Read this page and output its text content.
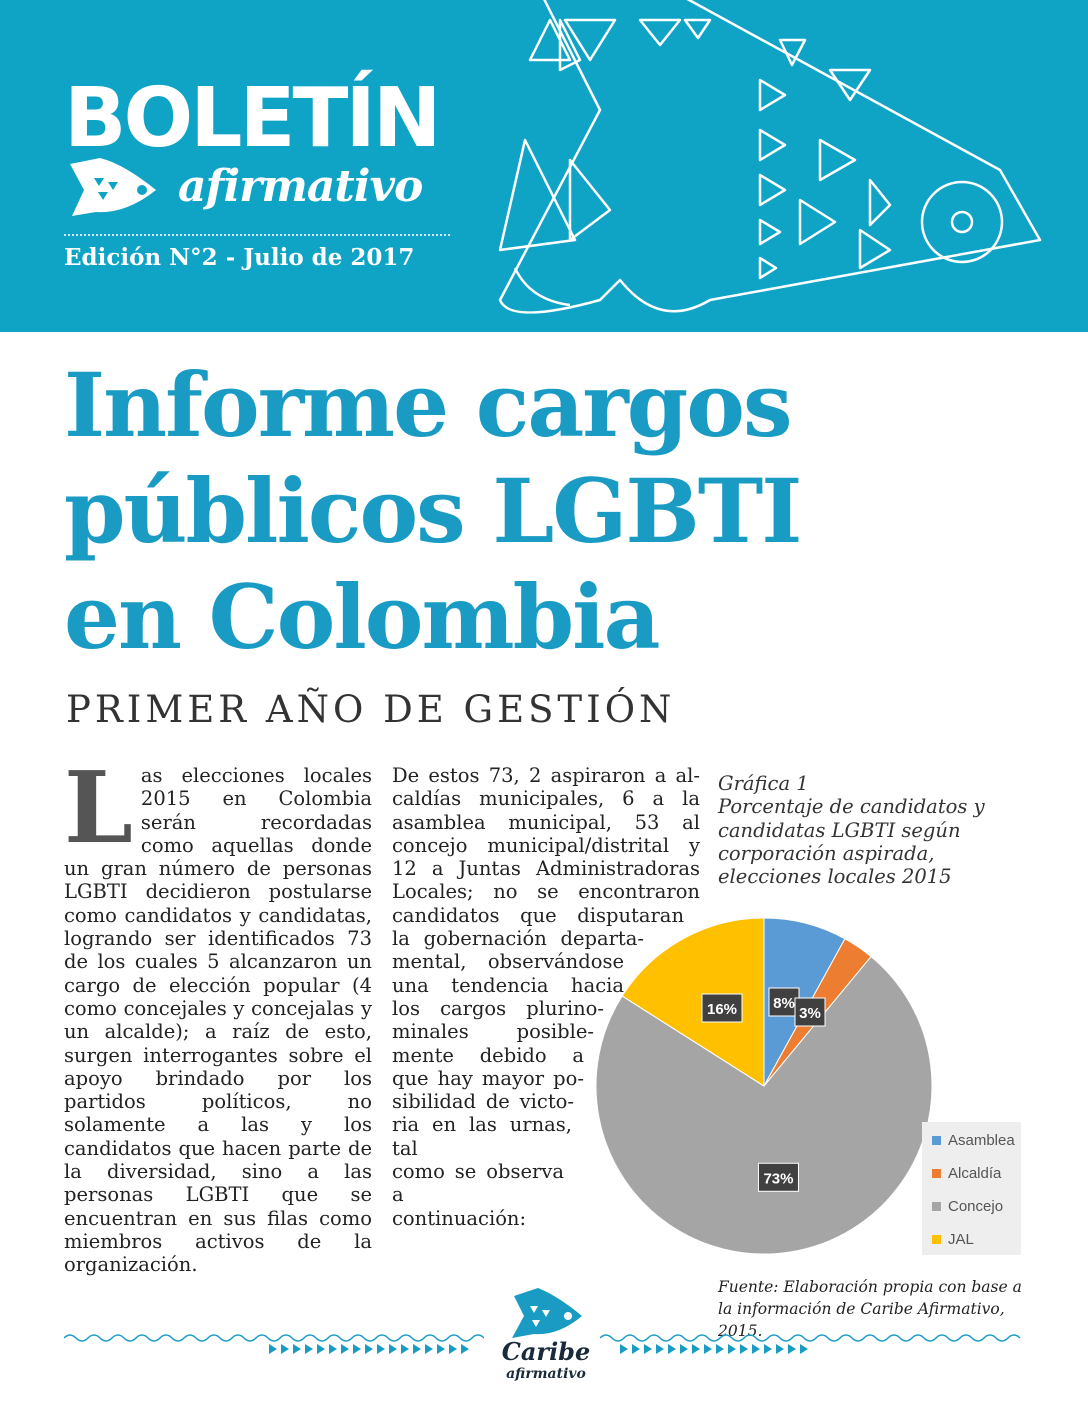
BOLETÍN
afirmativo
Edición N°2 - Julio de 2017
Informe cargos
públicos LGBTI
en Colombia
PRIMER AÑO DE GESTIÓN
L as elecciones locales 2015 en Colombia serán recordadas como aquellas donde un gran número de personas LGBTI decidieron postularse como candidatos y candidatas, logrando ser identificados 73 de los cuales 5 alcanzaron un cargo de elección popular (4 como concejales y concejalas y un alcalde); a raíz de esto, surgen interrogantes sobre el apoyo brindado por los partidos políticos, no solamente a las y los candidatos que hacen parte de la diversidad, sino a las personas LGBTI que se encuentran en sus filas como miembros activos de la organización.
De estos 73, 2 aspiraron a al-
caldías municipales, 6 a la
asamblea municipal, 53 al
concejo municipal/distrital y
12 a Juntas Administradoras
Locales; no se encontraron
candidatos que disputaran
la gobernación departa-
mental, observándose
una tendencia hacia
los cargos plurino-
minales posible-
mente debido a
que hay mayor po-
sibilidad de victo-
ria en las urnas, tal
como se observa a
continuación:
Gráfica 1
Porcentaje de candidatos y candidatas LGBTI según corporación aspirada, elecciones locales 2015
8%
3%
73%
16%
Asamblea
Alcaldía
Concejo
JAL
Fuente: Elaboración propia con base a la información de Caribe Afirmativo, 2015.
Caribe
afirmativo
